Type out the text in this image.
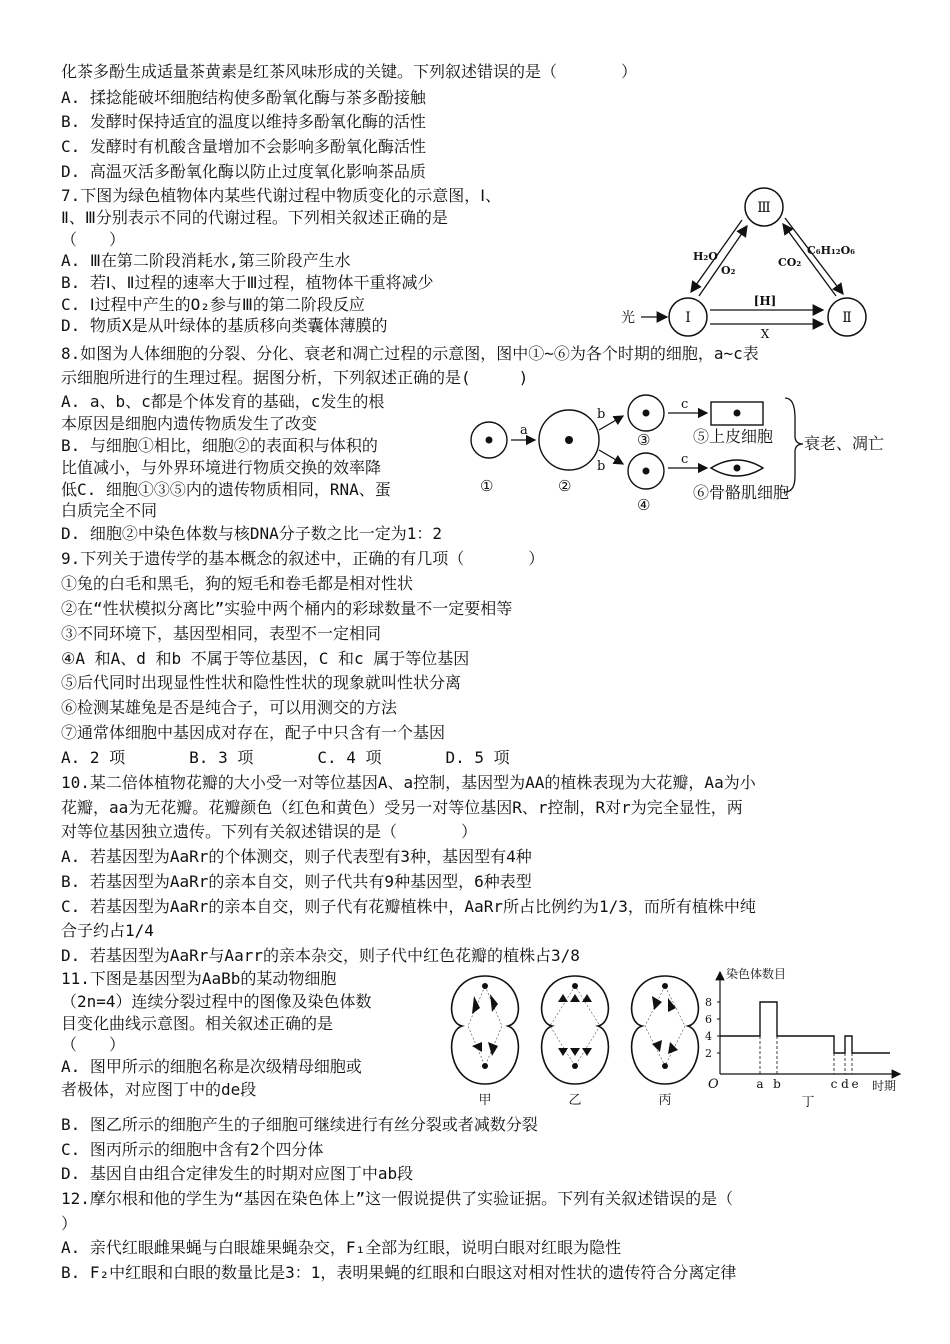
化茶多酚生成适量茶黄素是红茶风味形成的关键。下列叙述错误的是（　　　　）
A. 揉捻能破坏细胞结构使多酚氧化酶与茶多酚接触
B. 发酵时保持适宜的温度以维持多酚氧化酶的活性
C. 发酵时有机酸含量增加不会影响多酚氧化酶活性
D. 高温灭活多酚氧化酶以防止过度氧化影响茶品质
7.下图为绿色植物体内某些代谢过程中物质变化的示意图，Ⅰ、
Ⅱ、Ⅲ分别表示不同的代谢过程。下列相关叙述正确的是
（　　）
A. Ⅲ在第二阶段消耗水,第三阶段产生水
B. 若Ⅰ、Ⅱ过程的速率大于Ⅲ过程，植物体干重将减少
C. Ⅰ过程中产生的O₂参与Ⅲ的第二阶段反应
D. 物质X是从叶绿体的基质移向类囊体薄膜的
Ⅲ
Ⅰ	Ⅱ
光
[H]
X
H₂O
O₂
CO₂
C₆H₁₂O₆
8.如图为人体细胞的分裂、分化、衰老和凋亡过程的示意图，图中①~⑥为各个时期的细胞，a~c表
示细胞所进行的生理过程。据图分析，下列叙述正确的是(　　　)
A. a、b、c都是个体发育的基础，c发生的根
本原因是细胞内遗传物质发生了改变
B. 与细胞①相比，细胞②的表面积与体积的
比值减小，与外界环境进行物质交换的效率降
低C. 细胞①③⑤内的遗传物质相同，RNA、蛋
白质完全不同
D. 细胞②中染色体数与核DNA分子数之比一定为1：2
a
b
b
c
c
⑤上皮细胞
⑥骨骼肌细胞
衰老、凋亡
①	②
③
④
9.下列关于遗传学的基本概念的叙述中，正确的有几项（　　　　）
①兔的白毛和黑毛，狗的短毛和卷毛都是相对性状
②在“性状模拟分离比”实验中两个桶内的彩球数量不一定要相等
③不同环境下，基因型相同，表型不一定相同
④A 和A、d 和b 不属于等位基因，C 和c 属于等位基因
⑤后代同时出现显性性状和隐性性状的现象就叫性状分离
⑥检测某雄兔是否是纯合子，可以用测交的方法
⑦通常体细胞中基因成对存在，配子中只含有一个基因
A. 2 项　　　　B. 3 项　　　　C. 4 项　　　　D. 5 项
10.某二倍体植物花瓣的大小受一对等位基因A、a控制，基因型为AA的植株表现为大花瓣，Aa为小
花瓣，aa为无花瓣。花瓣颜色（红色和黄色）受另一对等位基因R、r控制，R对r为完全显性，两
对等位基因独立遗传。下列有关叙述错误的是（　　　　）
A. 若基因型为AaRr的个体测交，则子代表型有3种，基因型有4种
B. 若基因型为AaRr的亲本自交，则子代共有9种基因型，6种表型
C. 若基因型为AaRr的亲本自交，则子代有花瓣植株中，AaRr所占比例约为1/3，而所有植株中纯
合子约占1/4
D. 若基因型为AaRr与Aarr的亲本杂交，则子代中红色花瓣的植株占3/8
11.下图是基因型为AaBb的某动物细胞
（2n=4）连续分裂过程中的图像及染色体数
目变化曲线示意图。相关叙述正确的是
（　　）
A. 图甲所示的细胞名称是次级精母细胞或
者极体，对应图丁中的de段
B. 图乙所示的细胞产生的子细胞可继续进行有丝分裂或者减数分裂
C. 图丙所示的细胞中含有2个四分体
D. 基因自由组合定律发生的时期对应图丁中ab段
甲	乙	丙
染色体数目
O
8
6
4
2
a b	c d e 时期
丁
12.摩尔根和他的学生为“基因在染色体上”这一假说提供了实验证据。下列有关叙述错误的是（
）
A. 亲代红眼雌果蝇与白眼雄果蝇杂交，F₁全部为红眼，说明白眼对红眼为隐性
B. F₂中红眼和白眼的数量比是3：1，表明果蝇的红眼和白眼这对相对性状的遗传符合分离定律
